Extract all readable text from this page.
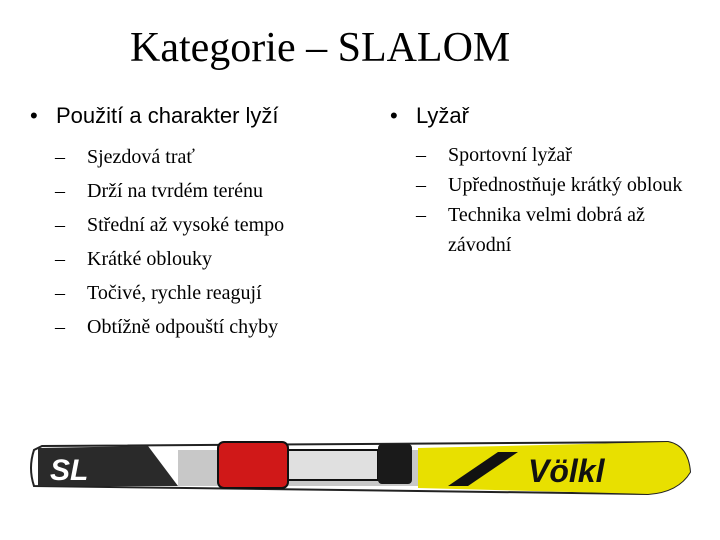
Kategorie – SLALOM
• Použití a charakter lyží
–	Sjezdová trať
–	Drží na tvrdém terénu
–	Střední až vysoké tempo
–	Krátké oblouky
–	Točivé, rychle reagují
–	Obtížně odpouští chyby
• Lyžař
–	Sportovní lyžař
–	Upřednostňuje krátký oblouk
–	Technika velmi dobrá až závodní
SL	Völkl
